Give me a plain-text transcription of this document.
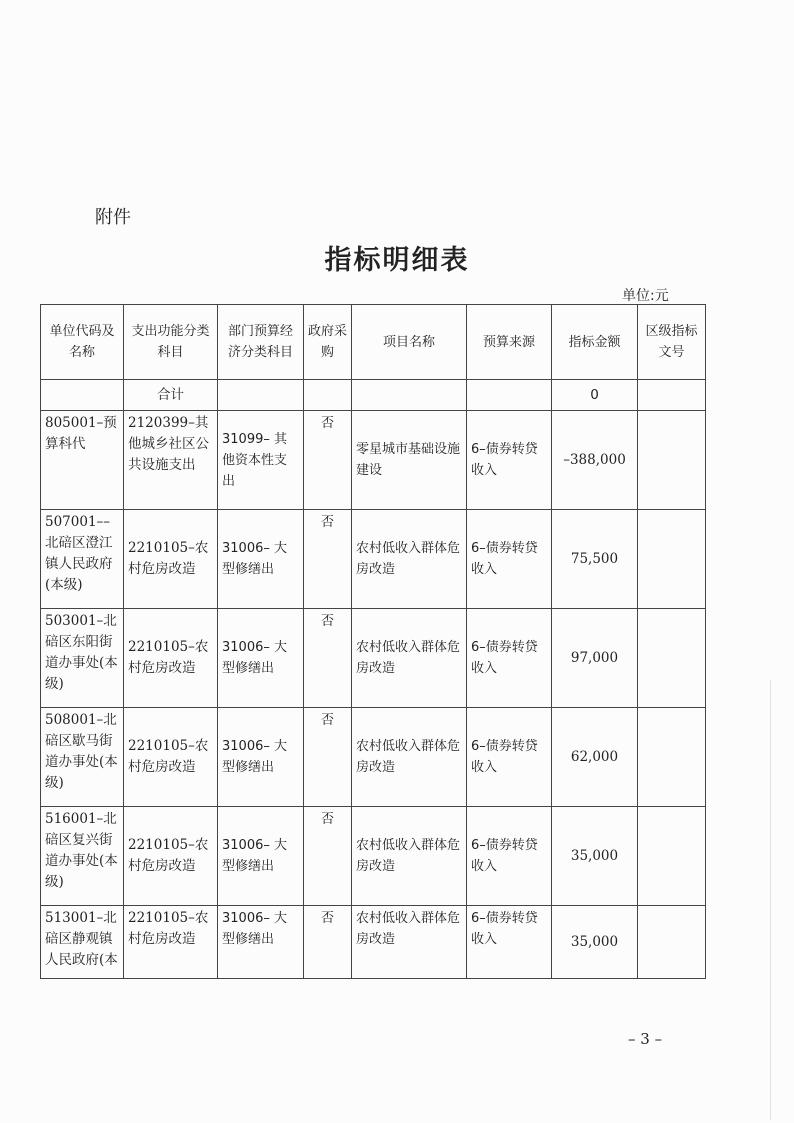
附件
指标明细表
单位:元
单位代码及名称	支出功能分类科目	部门预算经济分类科目	政府采购	项目名称	预算来源	指标金额	区级指标文号

	合计					0	

805001–预算科代	2120399–其他城乡社区公共设施支出	31099– 其他资本性支出	否	零星城市基础设施建设	6–债券转贷收入	–388,000	

507001––北碚区澄江镇人民政府(本级)	2210105–农村危房改造	31006– 大型修缮出	否	农村低收入群体危房改造	6–债券转贷收入	75,500	

503001–北碚区东阳街道办事处(本级)	2210105–农村危房改造	31006– 大型修缮出	否	农村低收入群体危房改造	6–债券转贷收入	97,000	

508001–北碚区歇马街道办事处(本级)	2210105–农村危房改造	31006– 大型修缮出	否	农村低收入群体危房改造	6–债券转贷收入	62,000	

516001–北碚区复兴街道办事处(本级)	2210105–农村危房改造	31006– 大型修缮出	否	农村低收入群体危房改造	6–债券转贷收入	35,000	

513001–北碚区静观镇人民政府(本	2210105–农村危房改造	31006– 大型修缮出	否	农村低收入群体危房改造	6–债券转贷收入	35,000	

– 3 –
